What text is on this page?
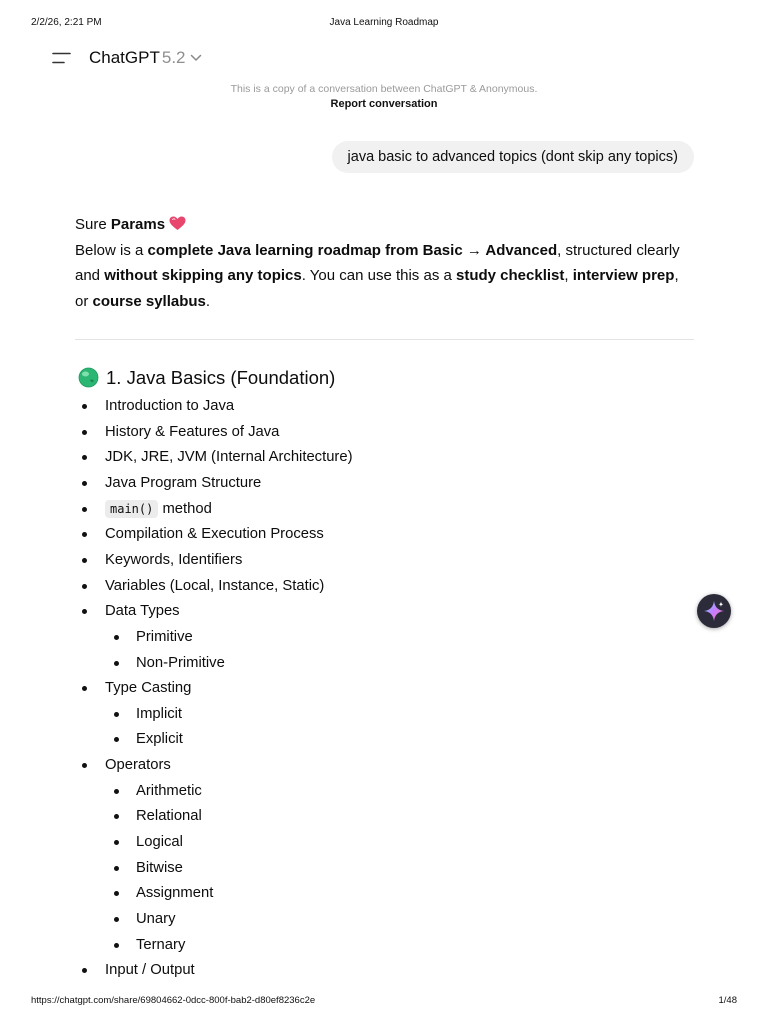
2/2/26, 2:21 PM	Java Learning Roadmap
ChatGPT 5.2
This is a copy of a conversation between ChatGPT & Anonymous.
Report conversation
java basic to advanced topics (dont skip any topics)

Sure Params

Below is a complete Java learning roadmap from Basic → Advanced, structured clearly and without skipping any topics. You can use this as a study checklist, interview prep, or course syllabus.

1. Java Basics (Foundation)
Introduction to Java
History & Features of Java
JDK, JRE, JVM (Internal Architecture)
Java Program Structure
main() method
Compilation & Execution Process
Keywords, Identifiers
Variables (Local, Instance, Static)
Data Types
Primitive
Non-Primitive
Type Casting
Implicit
Explicit
Operators
Arithmetic
Relational
Logical
Bitwise
Assignment
Unary
Ternary
Input / Output
https://chatgpt.com/share/69804662-0dcc-800f-bab2-d80ef8236c2e	1/48
